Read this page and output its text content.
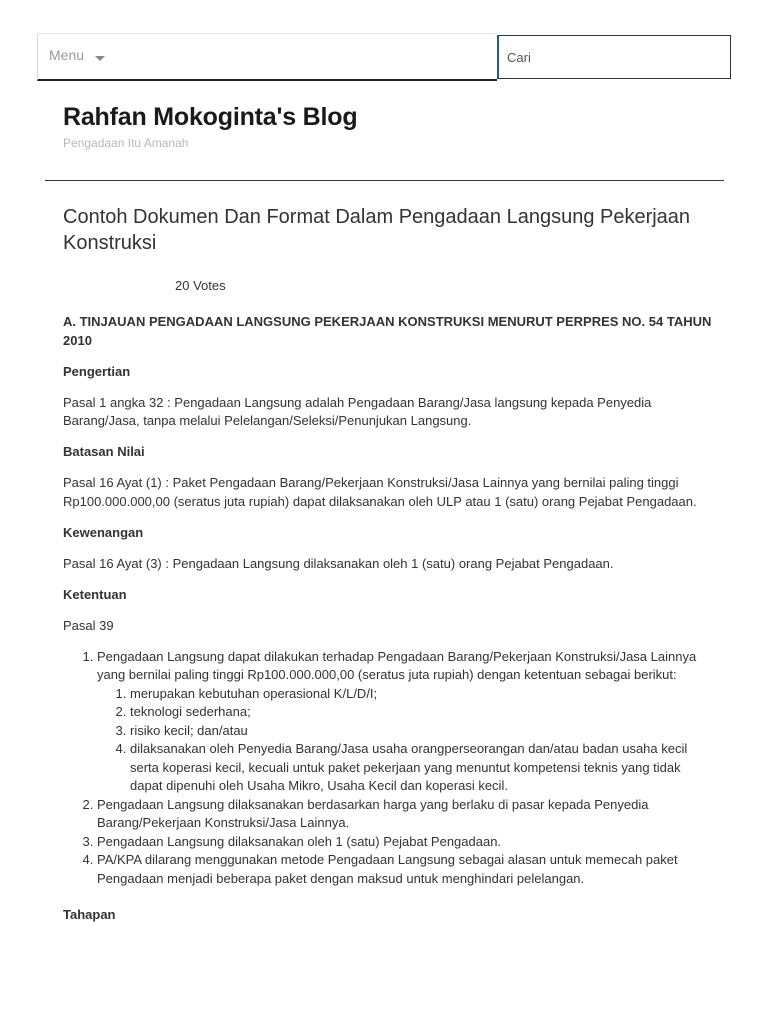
Menu
Cari
Rahfan Mokoginta's Blog
Pengadaan Itu Amanah
Contoh Dokumen Dan Format Dalam Pengadaan Langsung Pekerjaan Konstruksi
20 Votes

A. TINJAUAN PENGADAAN LANGSUNG PEKERJAAN KONSTRUKSI MENURUT PERPRES NO. 54 TAHUN 2010

Pengertian

Pasal 1 angka 32 : Pengadaan Langsung adalah Pengadaan Barang/Jasa langsung kepada Penyedia Barang/Jasa, tanpa melalui Pelelangan/Seleksi/Penunjukan Langsung.

Batasan Nilai

Pasal 16 Ayat (1) : Paket Pengadaan Barang/Pekerjaan Konstruksi/Jasa Lainnya yang bernilai paling tinggi Rp100.000.000,00 (seratus juta rupiah) dapat dilaksanakan oleh ULP atau 1 (satu) orang Pejabat Pengadaan.

Kewenangan

Pasal 16 Ayat (3) : Pengadaan Langsung dilaksanakan oleh 1 (satu) orang Pejabat Pengadaan.

Ketentuan

Pasal 39

1. Pengadaan Langsung dapat dilakukan terhadap Pengadaan Barang/Pekerjaan Konstruksi/Jasa Lainnya yang bernilai paling tinggi Rp100.000.000,00 (seratus juta rupiah) dengan ketentuan sebagai berikut:
1. merupakan kebutuhan operasional K/L/D/I;
2. teknologi sederhana;
3. risiko kecil; dan/atau
4. dilaksanakan oleh Penyedia Barang/Jasa usaha orangperseorangan dan/atau badan usaha kecil serta koperasi kecil, kecuali untuk paket pekerjaan yang menuntut kompetensi teknis yang tidak dapat dipenuhi oleh Usaha Mikro, Usaha Kecil dan koperasi kecil.
2. Pengadaan Langsung dilaksanakan berdasarkan harga yang berlaku di pasar kepada Penyedia Barang/Pekerjaan Konstruksi/Jasa Lainnya.
3. Pengadaan Langsung dilaksanakan oleh 1 (satu) Pejabat Pengadaan.
4. PA/KPA dilarang menggunakan metode Pengadaan Langsung sebagai alasan untuk memecah paket Pengadaan menjadi beberapa paket dengan maksud untuk menghindari pelelangan.

Tahapan
